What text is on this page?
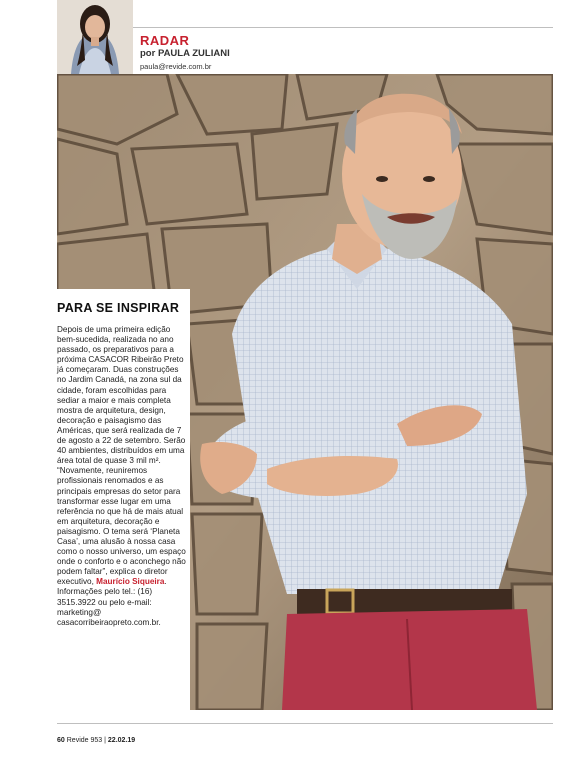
RADAR
por PAULA ZULIANI
paula@revide.com.br
PARA SE INSPIRAR
Depois de uma primeira edição bem-sucedida, realizada no ano passado, os preparativos para a próxima CASACOR Ribeirão Preto já começaram. Duas construções no Jardim Canadá, na zona sul da cidade, foram escolhidas para sediar a maior e mais completa mostra de arquitetura, design, decoração e paisagismo das Américas, que será realizada de 7 de agosto a 22 de setembro. Serão 40 ambientes, distribuídos em uma área total de quase 3 mil m². “Novamente, reuniremos profissionais renomados e as principais empresas do setor para transformar esse lugar em uma referência no que há de mais atual em arquitetura, decoração e paisagismo. O tema será ‘Planeta Casa’, uma alusão à nossa casa como o nosso universo, um espaço onde o conforto e o aconchego não podem faltar”, explica o diretor executivo, Maurício Siqueira. Informações pelo tel.: (16) 3515.3922 ou pelo e-mail: marketing@ casacorribeiraopreto.com.br.
60 Revide 953 | 22.02.19
